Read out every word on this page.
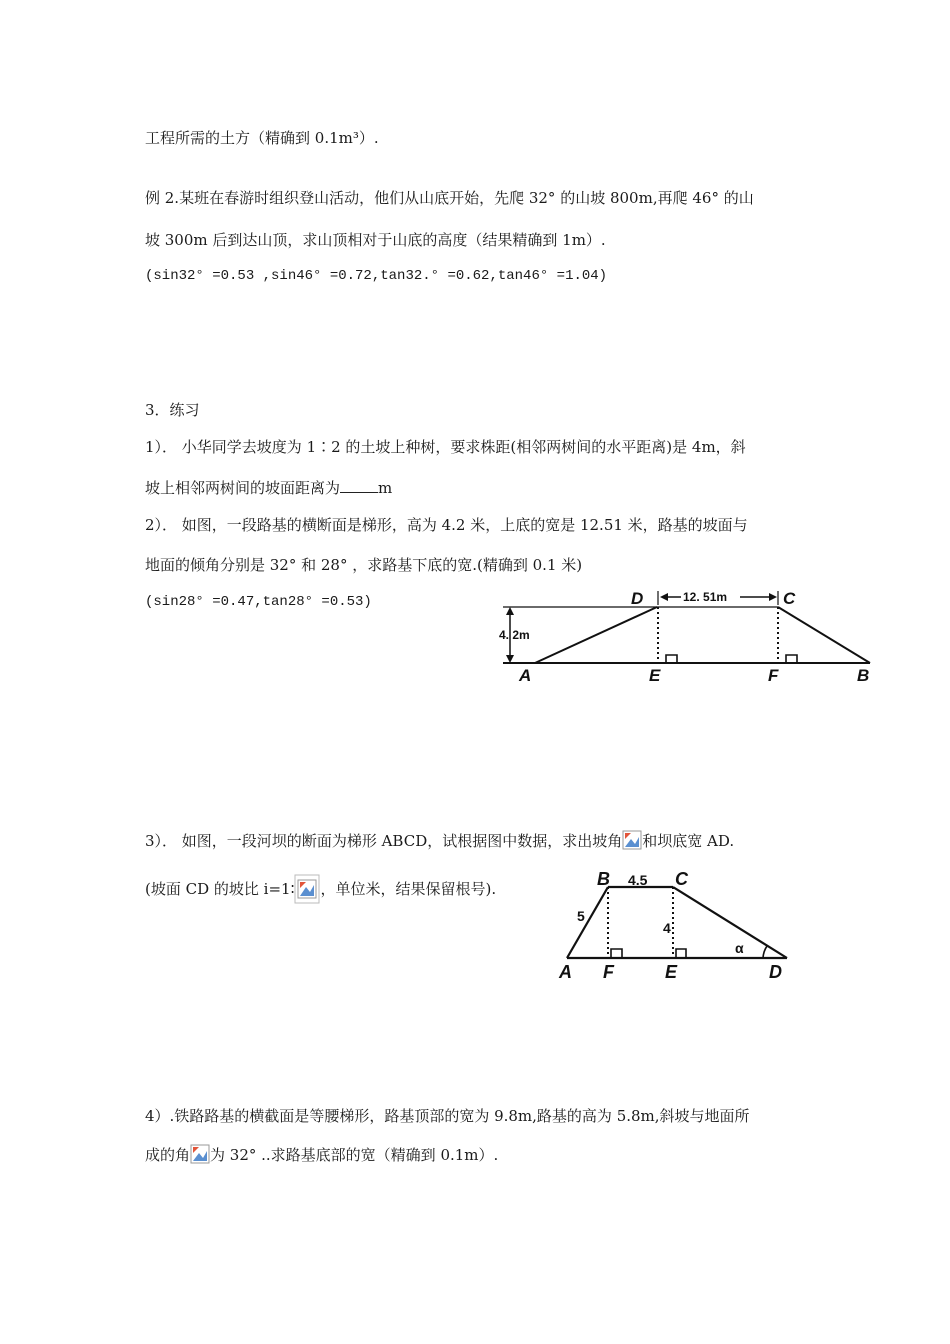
工程所需的土方（精确到 0.1m³）.
例 2.某班在春游时组织登山活动，他们从山底开始，先爬 32° 的山坡 800m,再爬 46° 的山
坡 300m 后到达山顶，求山顶相对于山底的高度（结果精确到 1m）.
(sin32° =0.53 ,sin46° =0.72,tan32.° =0.62,tan46° =1.04)
3．练习
1）． 小华同学去坡度为 1∶2 的土坡上种树，要求株距(相邻两树间的水平距离)是 4m，斜
坡上相邻两树间的坡面距离为	m
2）． 如图，一段路基的横断面是梯形，高为 4.2 米，上底的宽是 12.51 米，路基的坡面与
地面的倾角分别是 32° 和 28° ，求路基下底的宽.(精确到 0.1 米)
(sin28° =0.47,tan28° =0.53)
4. 2m
12. 51m
D	C
A	E	F	B
3）． 如图，一段河坝的断面为梯形 ABCD，试根据图中数据，求出坡角 和坝底宽 AD.
(坡面 CD 的坡比 i=1∶ ，单位米，结果保留根号).
α
4.5
5
4
B	C
A F	E	D
4）.铁路路基的横截面是等腰梯形，路基顶部的宽为 9.8m,路基的高为 5.8m,斜坡与地面所
成的角 为 32° ..求路基底部的宽（精确到 0.1m）.
